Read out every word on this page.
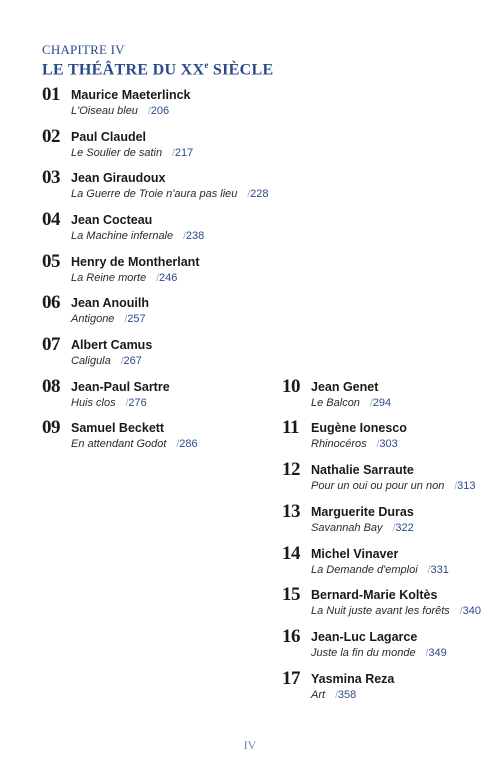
CHAPITRE IV
LE THÉÂTRE DU XXe SIÈCLE
01 Maurice Maeterlinck
L'Oiseau bleu /206
02 Paul Claudel
Le Soulier de satin /217
03 Jean Giraudoux
La Guerre de Troie n'aura pas lieu /228
04 Jean Cocteau
La Machine infernale /238
05 Henry de Montherlant
La Reine morte /246
06 Jean Anouilh
Antigone /257
07 Albert Camus
Caligula /267
08 Jean-Paul Sartre
Huis clos /276
09 Samuel Beckett
En attendant Godot /286
10 Jean Genet
Le Balcon /294
11 Eugène Ionesco
Rhinocéros /303
12 Nathalie Sarraute
Pour un oui ou pour un non /313
13 Marguerite Duras
Savannah Bay /322
14 Michel Vinaver
La Demande d'emploi /331
15 Bernard-Marie Koltès
La Nuit juste avant les forêts /340
16 Jean-Luc Lagarce
Juste la fin du monde /349
17 Yasmina Reza
Art /358
IV
